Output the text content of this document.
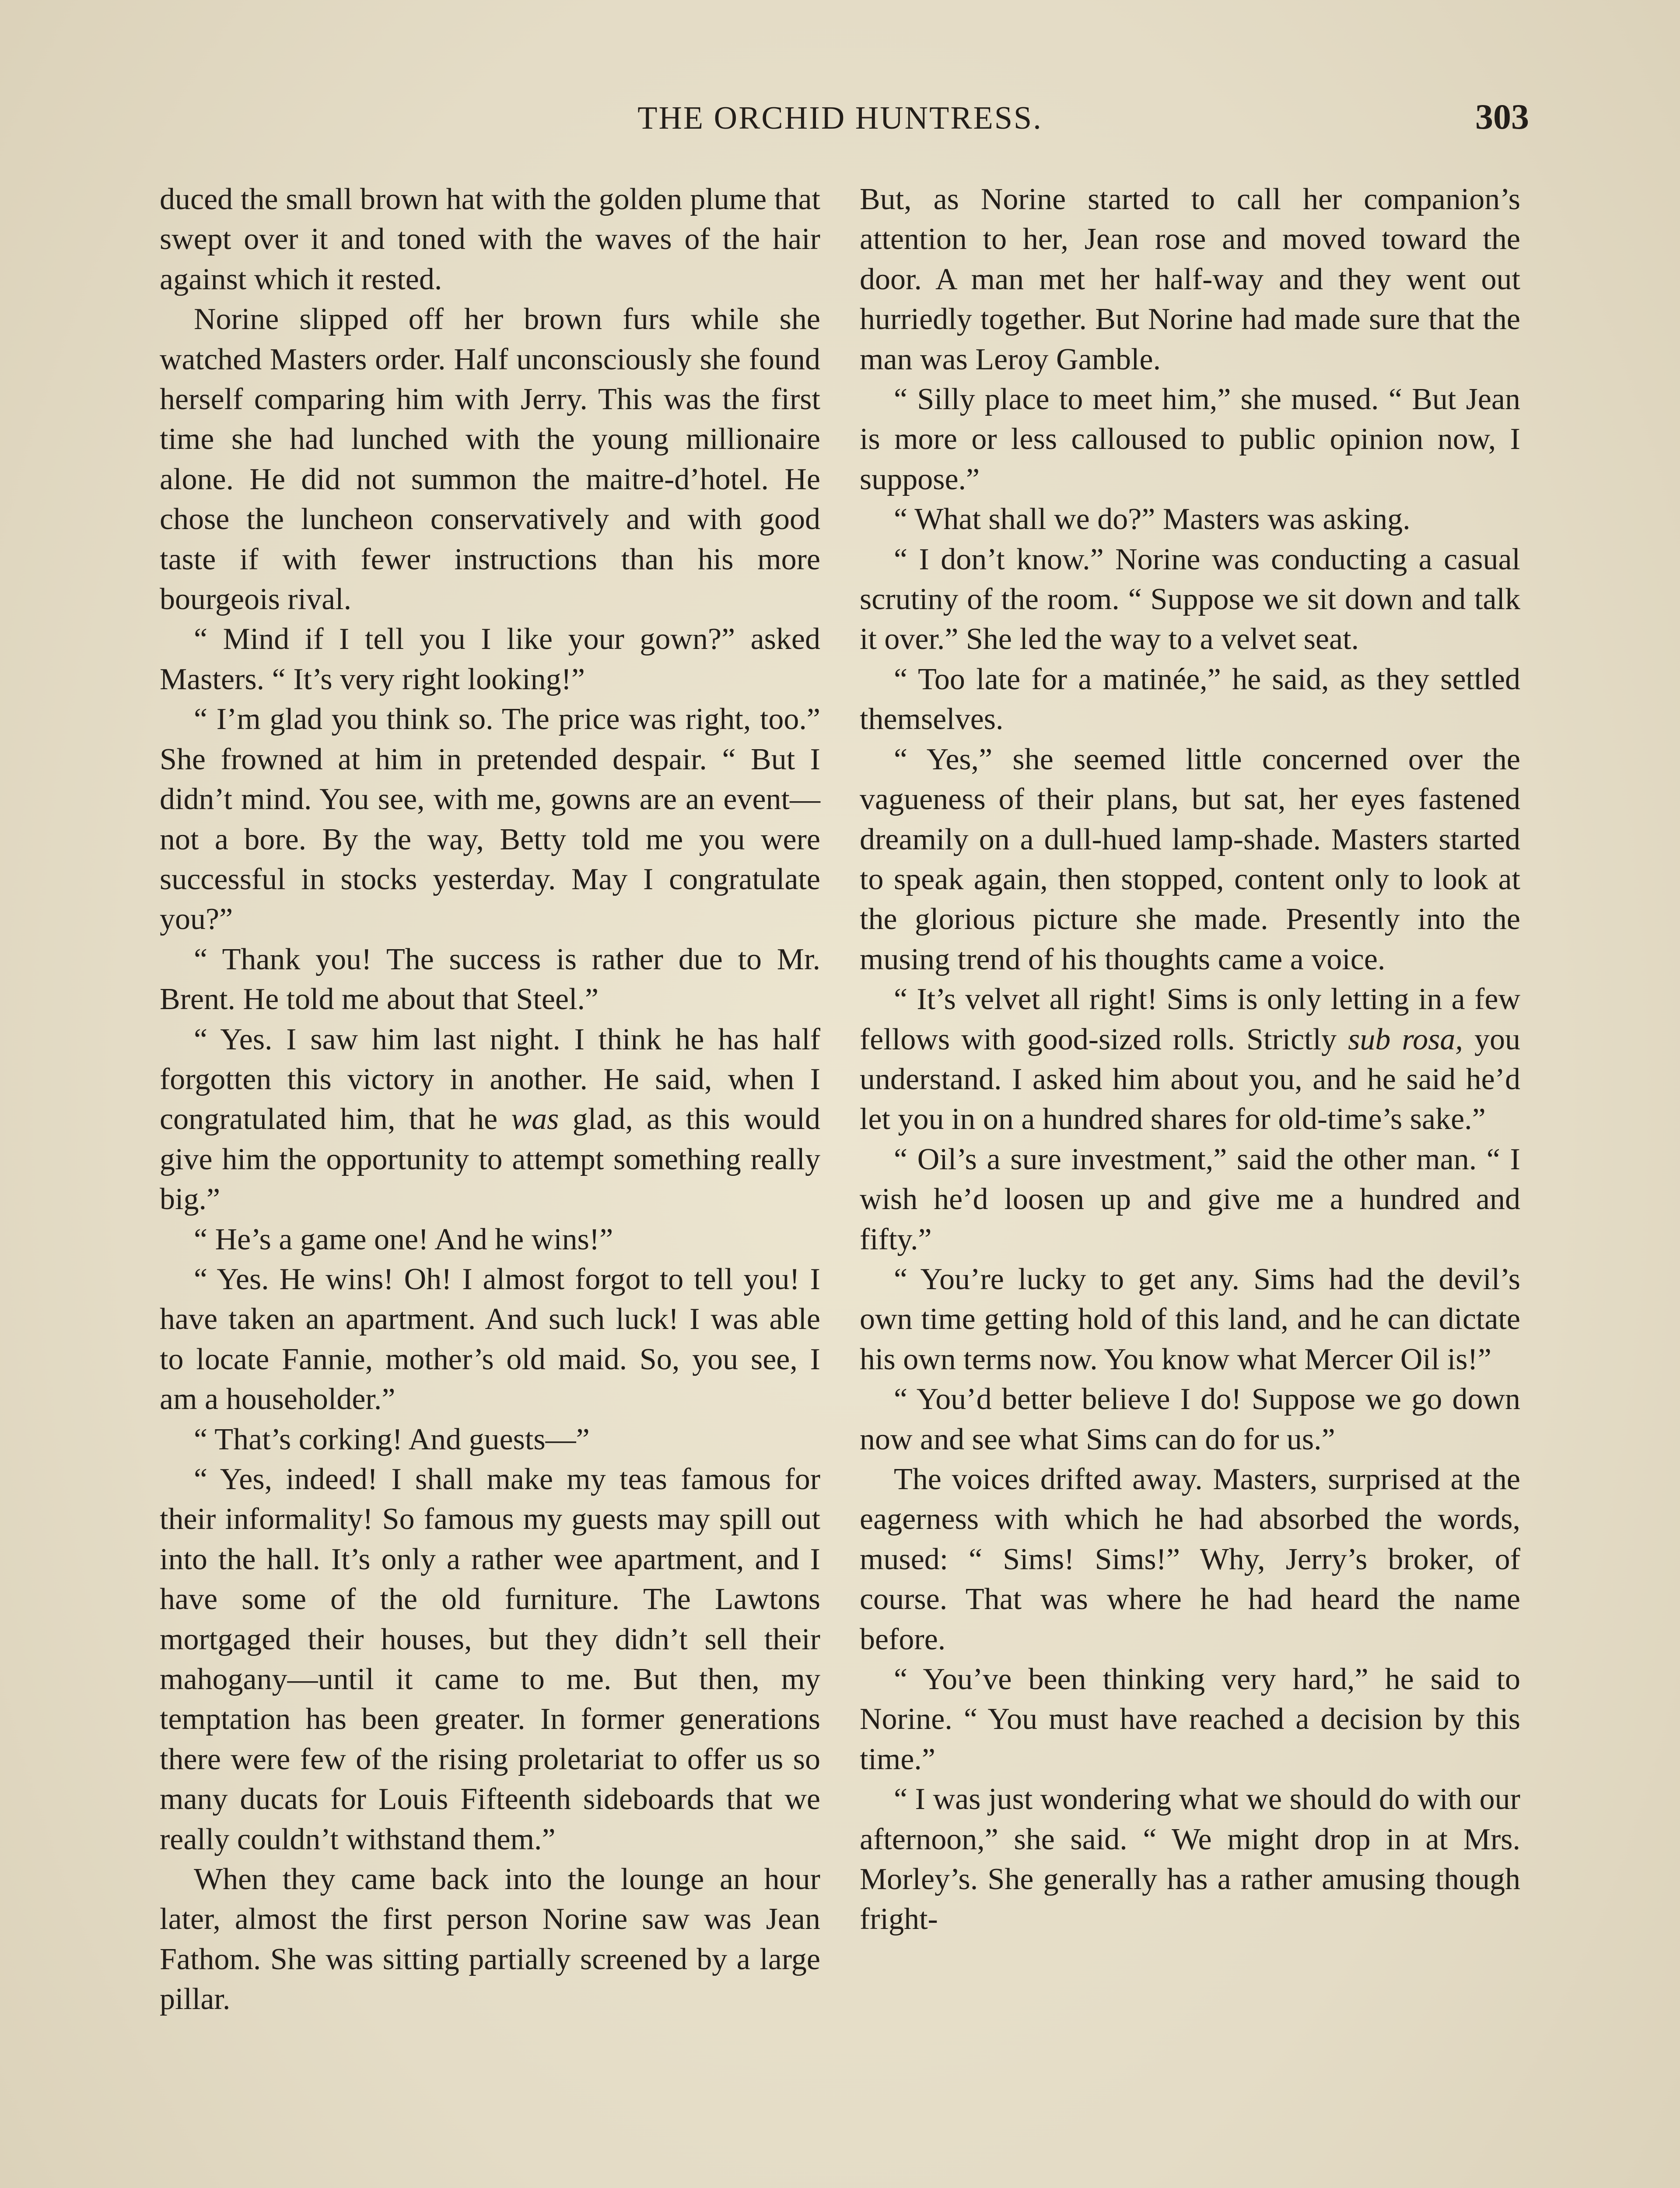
THE ORCHID HUNTRESS.	303

duced the small brown hat with the golden plume that swept over it and toned with the waves of the hair against which it rested.

Norine slipped off her brown furs while she watched Masters order. Half unconsciously she found herself comparing him with Jerry. This was the first time she had lunched with the young millionaire alone. He did not summon the maitre-d’hotel. He chose the luncheon conservatively and with good taste if with fewer instructions than his more bourgeois rival.

“ Mind if I tell you I like your gown?” asked Masters. “ It’s very right looking!”

“ I’m glad you think so. The price was right, too.” She frowned at him in pretended despair. “ But I didn’t mind. You see, with me, gowns are an event—not a bore. By the way, Betty told me you were successful in stocks yesterday. May I congratulate you?”

“ Thank you! The success is rather due to Mr. Brent. He told me about that Steel.”

“ Yes. I saw him last night. I think he has half forgotten this victory in another. He said, when I congratulated him, that he was glad, as this would give him the opportunity to attempt something really big.”

“ He’s a game one! And he wins!”

“ Yes. He wins! Oh! I almost forgot to tell you! I have taken an apartment. And such luck! I was able to locate Fannie, mother’s old maid. So, you see, I am a householder.”

“ That’s corking! And guests—”

“ Yes, indeed! I shall make my teas famous for their informality! So famous my guests may spill out into the hall. It’s only a rather wee apartment, and I have some of the old furniture. The Lawtons mortgaged their houses, but they didn’t sell their mahogany—until it came to me. But then, my temptation has been greater. In former generations there were few of the rising proletariat to offer us so many ducats for Louis Fifteenth sideboards that we really couldn’t withstand them.”

When they came back into the lounge an hour later, almost the first person Norine saw was Jean Fathom. She was sitting partially screened by a large pillar.

But, as Norine started to call her companion’s attention to her, Jean rose and moved toward the door. A man met her half-way and they went out hurriedly together. But Norine had made sure that the man was Leroy Gamble.

“ Silly place to meet him,” she mused. “ But Jean is more or less calloused to public opinion now, I suppose.”

“ What shall we do?” Masters was asking.

“ I don’t know.” Norine was conducting a casual scrutiny of the room. “ Suppose we sit down and talk it over.” She led the way to a velvet seat.

“ Too late for a matinée,” he said, as they settled themselves.

“ Yes,” she seemed little concerned over the vagueness of their plans, but sat, her eyes fastened dreamily on a dull-hued lamp-shade. Masters started to speak again, then stopped, content only to look at the glorious picture she made. Presently into the musing trend of his thoughts came a voice.

“ It’s velvet all right! Sims is only letting in a few fellows with good-sized rolls. Strictly sub rosa, you understand. I asked him about you, and he said he’d let you in on a hundred shares for old-time’s sake.”

“ Oil’s a sure investment,” said the other man. “ I wish he’d loosen up and give me a hundred and fifty.”

“ You’re lucky to get any. Sims had the devil’s own time getting hold of this land, and he can dictate his own terms now. You know what Mercer Oil is!”

“ You’d better believe I do! Suppose we go down now and see what Sims can do for us.”

The voices drifted away. Masters, surprised at the eagerness with which he had absorbed the words, mused: “ Sims! Sims!” Why, Jerry’s broker, of course. That was where he had heard the name before.

“ You’ve been thinking very hard,” he said to Norine. “ You must have reached a decision by this time.”

“ I was just wondering what we should do with our afternoon,” she said. “ We might drop in at Mrs. Morley’s. She generally has a rather amusing though fright-
